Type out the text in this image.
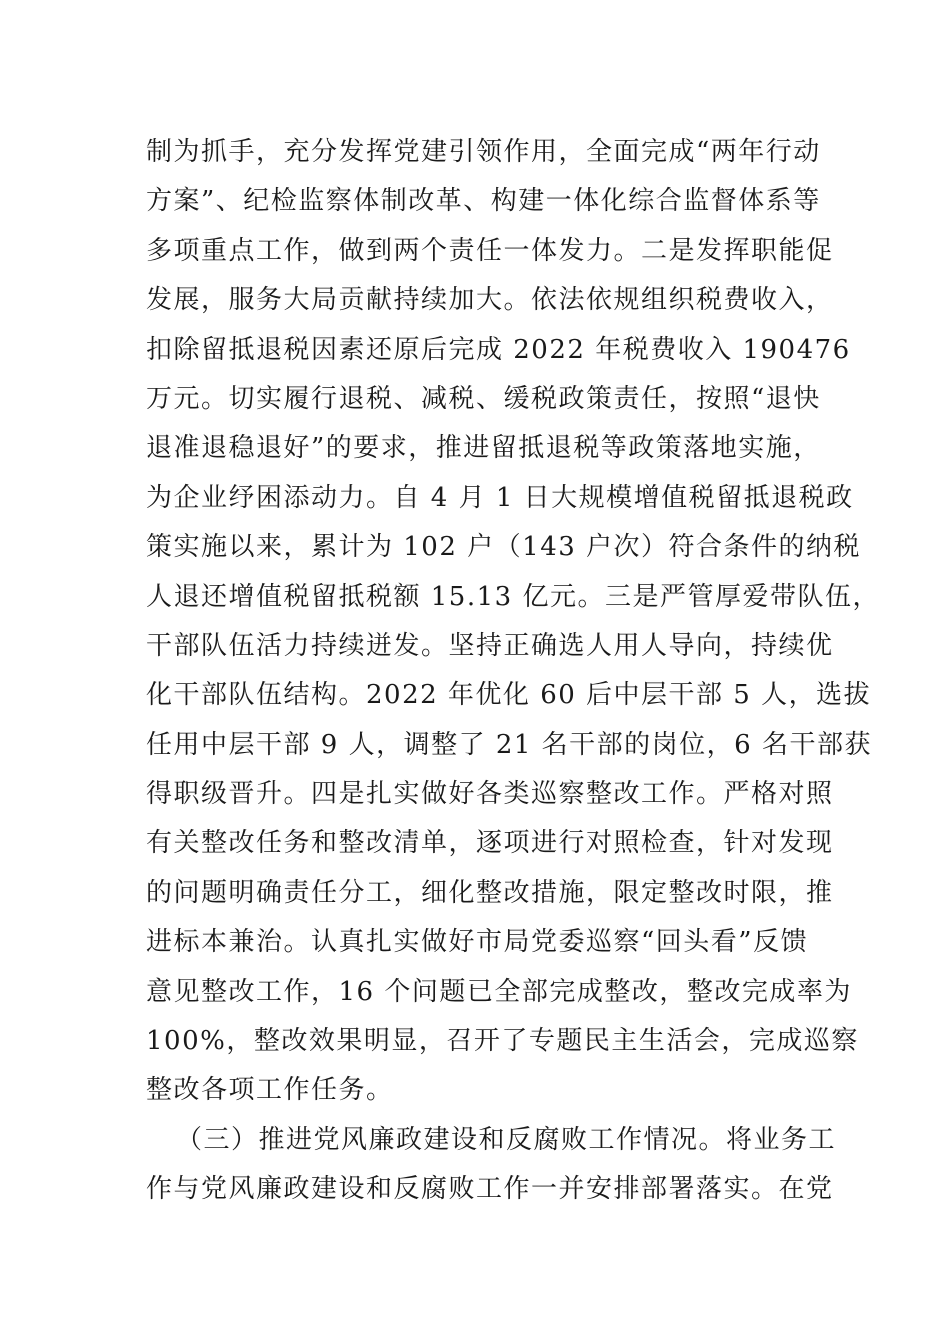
制为抓手，充分发挥党建引领作用，全面完成“两年行动
方案”、纪检监察体制改革、构建一体化综合监督体系等
多项重点工作，做到两个责任一体发力。二是发挥职能促
发展，服务大局贡献持续加大。依法依规组织税费收入，
扣除留抵退税因素还原后完成 2022 年税费收入 190476
万元。切实履行退税、减税、缓税政策责任，按照“退快
退准退稳退好”的要求，推进留抵退税等政策落地实施，
为企业纾困添动力。自 4 月 1 日大规模增值税留抵退税政
策实施以来，累计为 102 户（143 户次）符合条件的纳税
人退还增值税留抵税额 15.13 亿元。三是严管厚爱带队伍，
干部队伍活力持续迸发。坚持正确选人用人导向，持续优
化干部队伍结构。2022 年优化 60 后中层干部 5 人，选拔
任用中层干部 9 人，调整了 21 名干部的岗位，6 名干部获
得职级晋升。四是扎实做好各类巡察整改工作。严格对照
有关整改任务和整改清单，逐项进行对照检查，针对发现
的问题明确责任分工，细化整改措施，限定整改时限，推
进标本兼治。认真扎实做好市局党委巡察“回头看”反馈
意见整改工作，16 个问题已全部完成整改，整改完成率为
100%，整改效果明显，召开了专题民主生活会，完成巡察
整改各项工作任务。
（三）推进党风廉政建设和反腐败工作情况。将业务工
作与党风廉政建设和反腐败工作一并安排部署落实。在党
